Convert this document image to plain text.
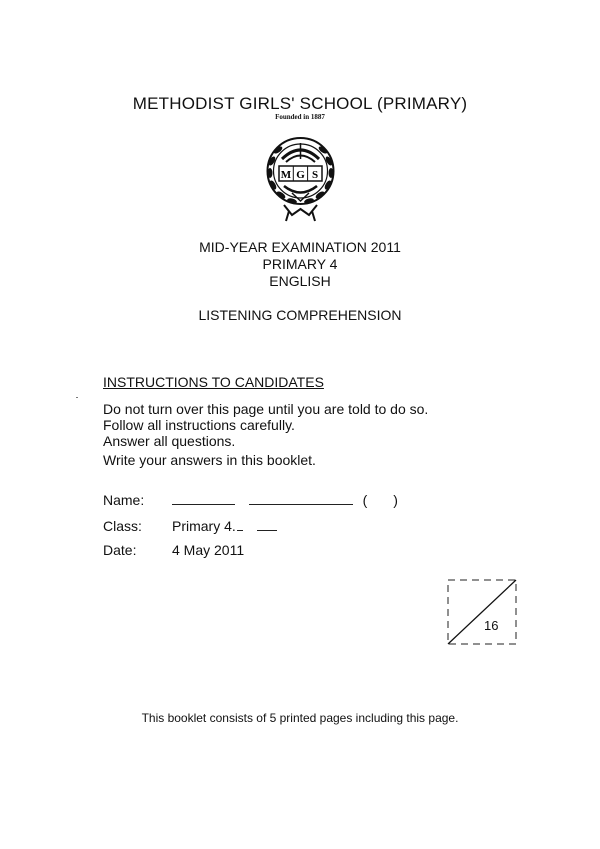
METHODIST GIRLS' SCHOOL (PRIMARY)
Founded in 1887
M G S
MID-YEAR EXAMINATION 2011
PRIMARY 4
ENGLISH
LISTENING COMPREHENSION
INSTRUCTIONS TO CANDIDATES
Do not turn over this page until you are told to do so.
Follow all instructions carefully.
Answer all questions.
Write your answers in this booklet.
Name:	( )
Class: Primary 4.
Date:	4 May 2011
16
This booklet consists of 5 printed pages including this page.
